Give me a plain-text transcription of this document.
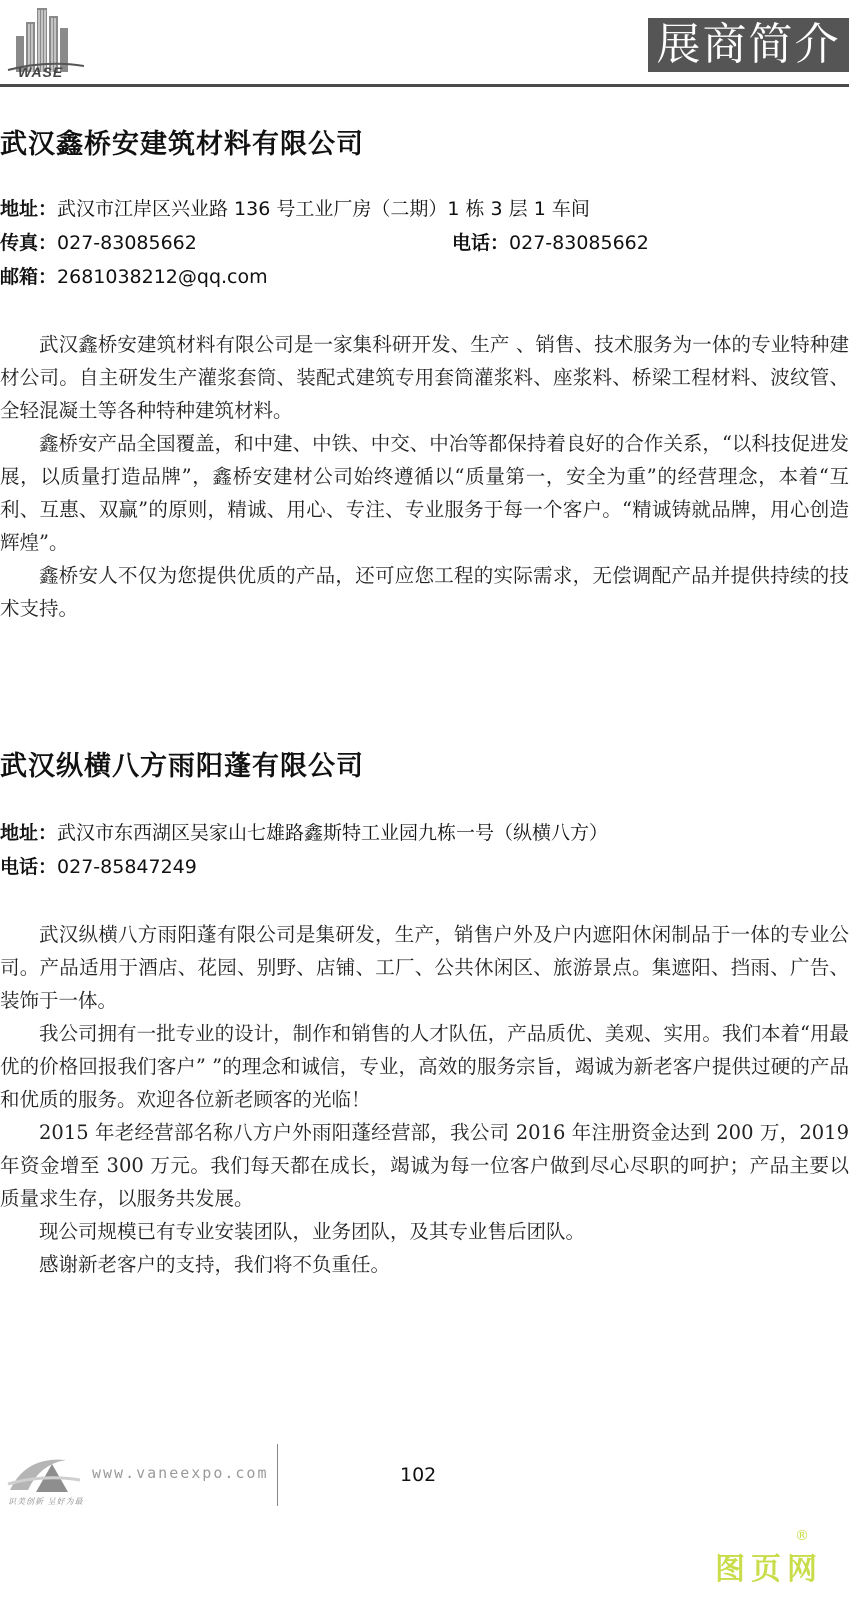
WASE
展商简介
武汉鑫桥安建筑材料有限公司
地址：武汉市江岸区兴业路 136 号工业厂房（二期）1 栋 3 层 1 车间
传真：027-83085662	电话：027-83085662
邮箱：2681038212@qq.com

武汉鑫桥安建筑材料有限公司是一家集科研开发、生产 、销售、技术服务为一体的专业特种建材公司。自主研发生产灌浆套筒、装配式建筑专用套筒灌浆料、座浆料、桥梁工程材料、波纹管、全轻混凝土等各种特种建筑材料。

鑫桥安产品全国覆盖，和中建、中铁、中交、中冶等都保持着良好的合作关系，“以科技促进发展，以质量打造品牌”，鑫桥安建材公司始终遵循以“质量第一，安全为重”的经营理念，本着“互利、互惠、双赢”的原则，精诚、用心、专注、专业服务于每一个客户。“精诚铸就品牌，用心创造辉煌”。

鑫桥安人不仅为您提供优质的产品，还可应您工程的实际需求，无偿调配产品并提供持续的技术支持。

武汉纵横八方雨阳蓬有限公司
地址：武汉市东西湖区吴家山七雄路鑫斯特工业园九栋一号（纵横八方）
电话：027-85847249

武汉纵横八方雨阳蓬有限公司是集研发，生产，销售户外及户内遮阳休闲制品于一体的专业公司。产品适用于酒店、花园、别野、店铺、工厂、公共休闲区、旅游景点。集遮阳、挡雨、广告、装饰于一体。

我公司拥有一批专业的设计，制作和销售的人才队伍，产品质优、美观、实用。我们本着“用最优的价格回报我们客户” ”的理念和诚信，专业，高效的服务宗旨，竭诚为新老客户提供过硬的产品和优质的服务。欢迎各位新老顾客的光临！

2015 年老经营部名称八方户外雨阳蓬经营部，我公司 2016 年注册资金达到 200 万，2019 年资金增至 300 万元。我们每天都在成长，竭诚为每一位客户做到尽心尽职的呵护；产品主要以质量求生存，以服务共发展。

现公司规模已有专业安装团队，业务团队，及其专业售后团队。

感谢新老客户的支持，我们将不负重任。

识美创新 呈好为最
www.vaneexpo.com	102
图页网
®
